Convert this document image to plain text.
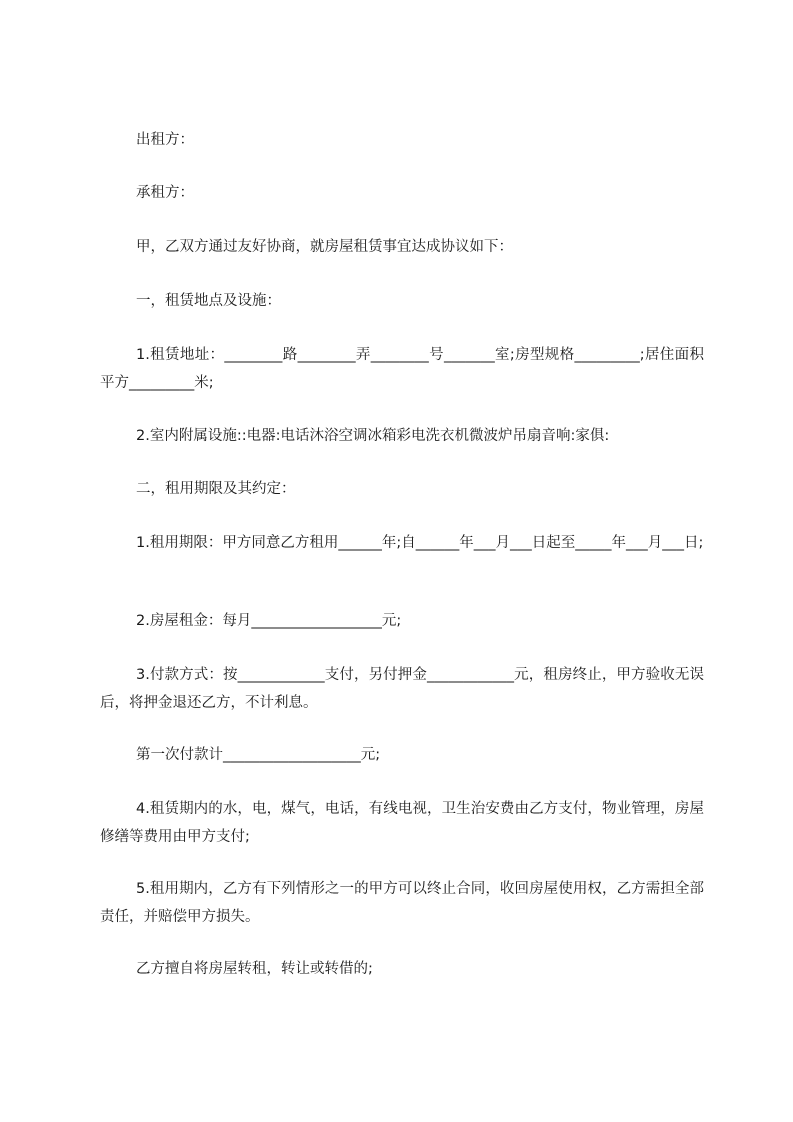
出租方：

承租方：

甲，乙双方通过友好协商，就房屋租赁事宜达成协议如下：

一，租赁地点及设施：

1.租赁地址：________路________弄________号_______室;房型规格_________;居住面积平方_________米;

2.室内附属设施::电器:电话沐浴空调冰箱彩电洗衣机微波炉吊扇音响:家俱:

二，租用期限及其约定：

1.租用期限：甲方同意乙方租用______年;自______年___月___日起至_____年___月___日;

2.房屋租金：每月__________________元;

3.付款方式：按____________支付，另付押金____________元，租房终止，甲方验收无误后，将押金退还乙方，不计利息。

第一次付款计___________________元;

4.租赁期内的水，电，煤气，电话，有线电视，卫生治安费由乙方支付，物业管理，房屋修缮等费用由甲方支付;

5.租用期内，乙方有下列情形之一的甲方可以终止合同，收回房屋使用权，乙方需担全部责任，并赔偿甲方损失。

乙方擅自将房屋转租，转让或转借的;
